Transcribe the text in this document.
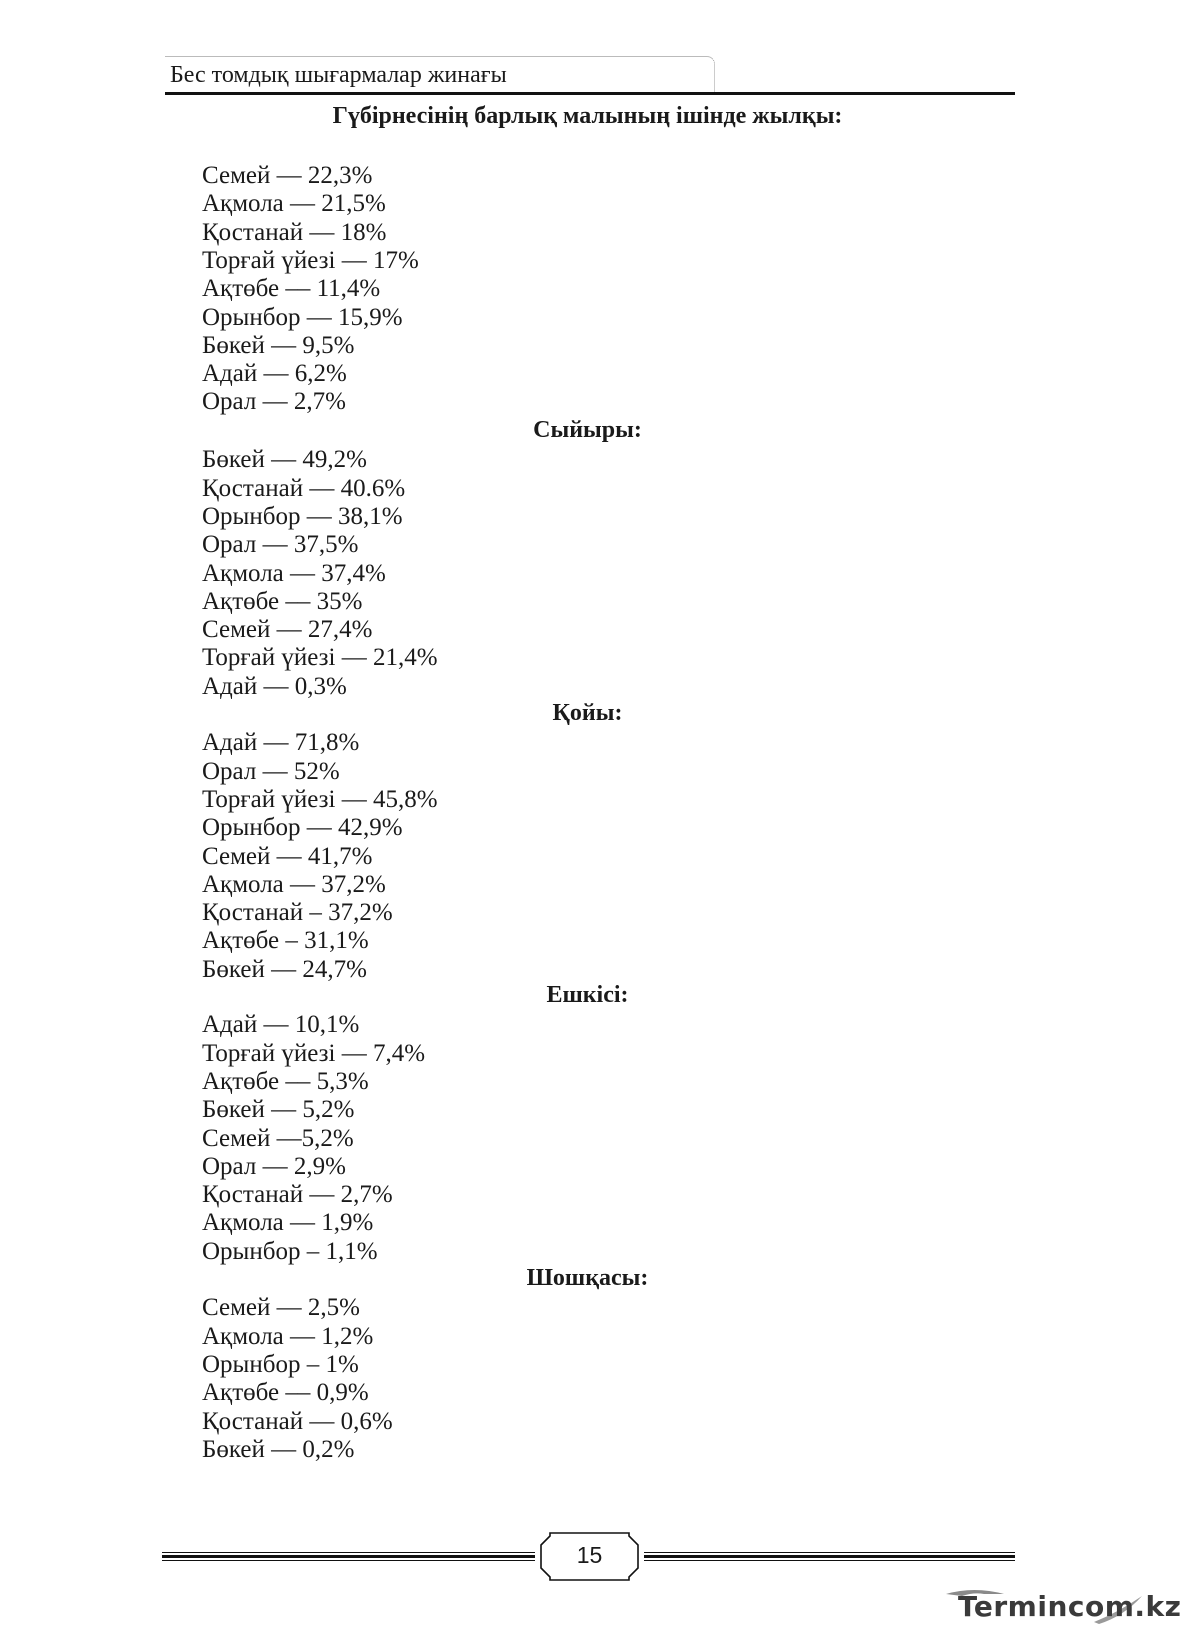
Бес томдық шығармалар жинағы
Гүбірнесінің барлық малының ішінде жылқы:
Семей — 22,3%
Ақмола — 21,5%
Қостанай — 18%
Торғай үйезі — 17%
Ақтөбе –– 11,4%
Орынбор — 15,9%
Бөкей — 9,5%
Адай — 6,2%
Орал — 2,7%
Сыйыры:
Бөкей — 49,2%
Қостанай — 40.6%
Орынбор — 38,1%
Орал — 37,5%
Ақмола — 37,4%
Ақтөбе –– 35%
Семей — 27,4%
Торғай үйезі — 21,4%
Адай — 0,3%
Қойы:
Адай — 71,8%
Орал — 52%
Торғай үйезі — 45,8%
Орынбор — 42,9%
Семей — 41,7%
Ақмола — 37,2%
Қостанай – 37,2%
Ақтөбе – 31,1%
Бөкей — 24,7%
Ешкісі:
Адай — 10,1%
Торғай үйезі — 7,4%
Ақтөбе –– 5,3%
Бөкей — 5,2%
Семей —5,2%
Орал — 2,9%
Қостанай — 2,7%
Ақмола — 1,9%
Орынбор – 1,1%
Шошқасы:
Семей — 2,5%
Ақмола — 1,2%
Орынбор – 1%
Ақтөбе –– 0,9%
Қостанай — 0,6%
Бөкей — 0,2%
15
Termincom.kz
